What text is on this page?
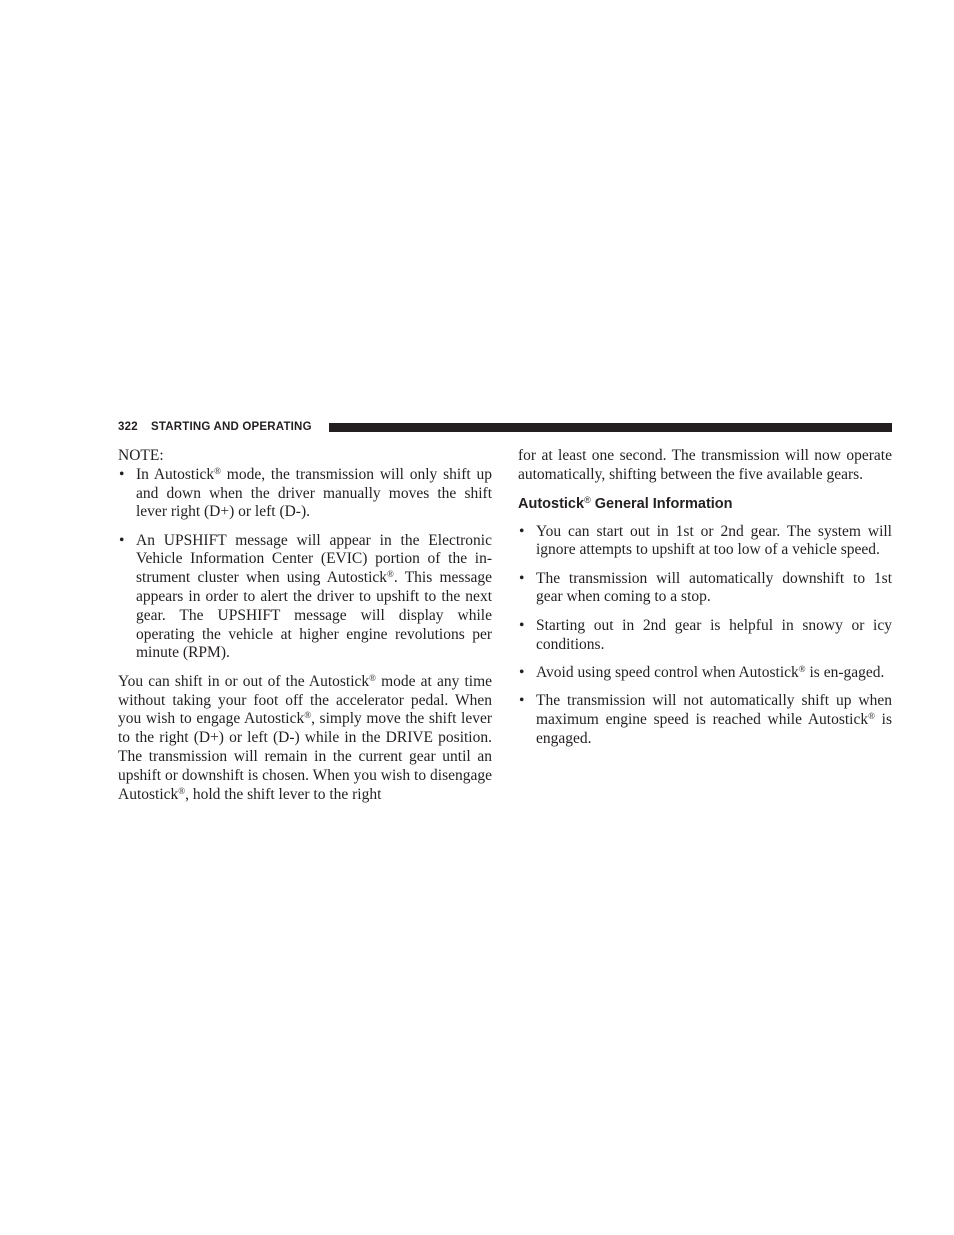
322 STARTING AND OPERATING

NOTE:

• In Autostick® mode, the transmission will only shift up and down when the driver manually moves the shift lever right (D+) or left (D-).
• An UPSHIFT message will appear in the Electronic Vehicle Information Center (EVIC) portion of the in-strument cluster when using Autostick®. This message appears in order to alert the driver to upshift to the next gear. The UPSHIFT message will display while operating the vehicle at higher engine revolutions per minute (RPM).

You can shift in or out of the Autostick® mode at any time without taking your foot off the accelerator pedal. When you wish to engage Autostick®, simply move the shift lever to the right (D+) or left (D-) while in the DRIVE position. The transmission will remain in the current gear until an upshift or downshift is chosen. When you wish to disengage Autostick®, hold the shift lever to the right

for at least one second. The transmission will now operate automatically, shifting between the five available gears.

Autostick® General Information
• You can start out in 1st or 2nd gear. The system will ignore attempts to upshift at too low of a vehicle speed.
• The transmission will automatically downshift to 1st gear when coming to a stop.
• Starting out in 2nd gear is helpful in snowy or icy conditions.
• Avoid using speed control when Autostick® is en-gaged.
• The transmission will not automatically shift up when maximum engine speed is reached while Autostick® is engaged.
